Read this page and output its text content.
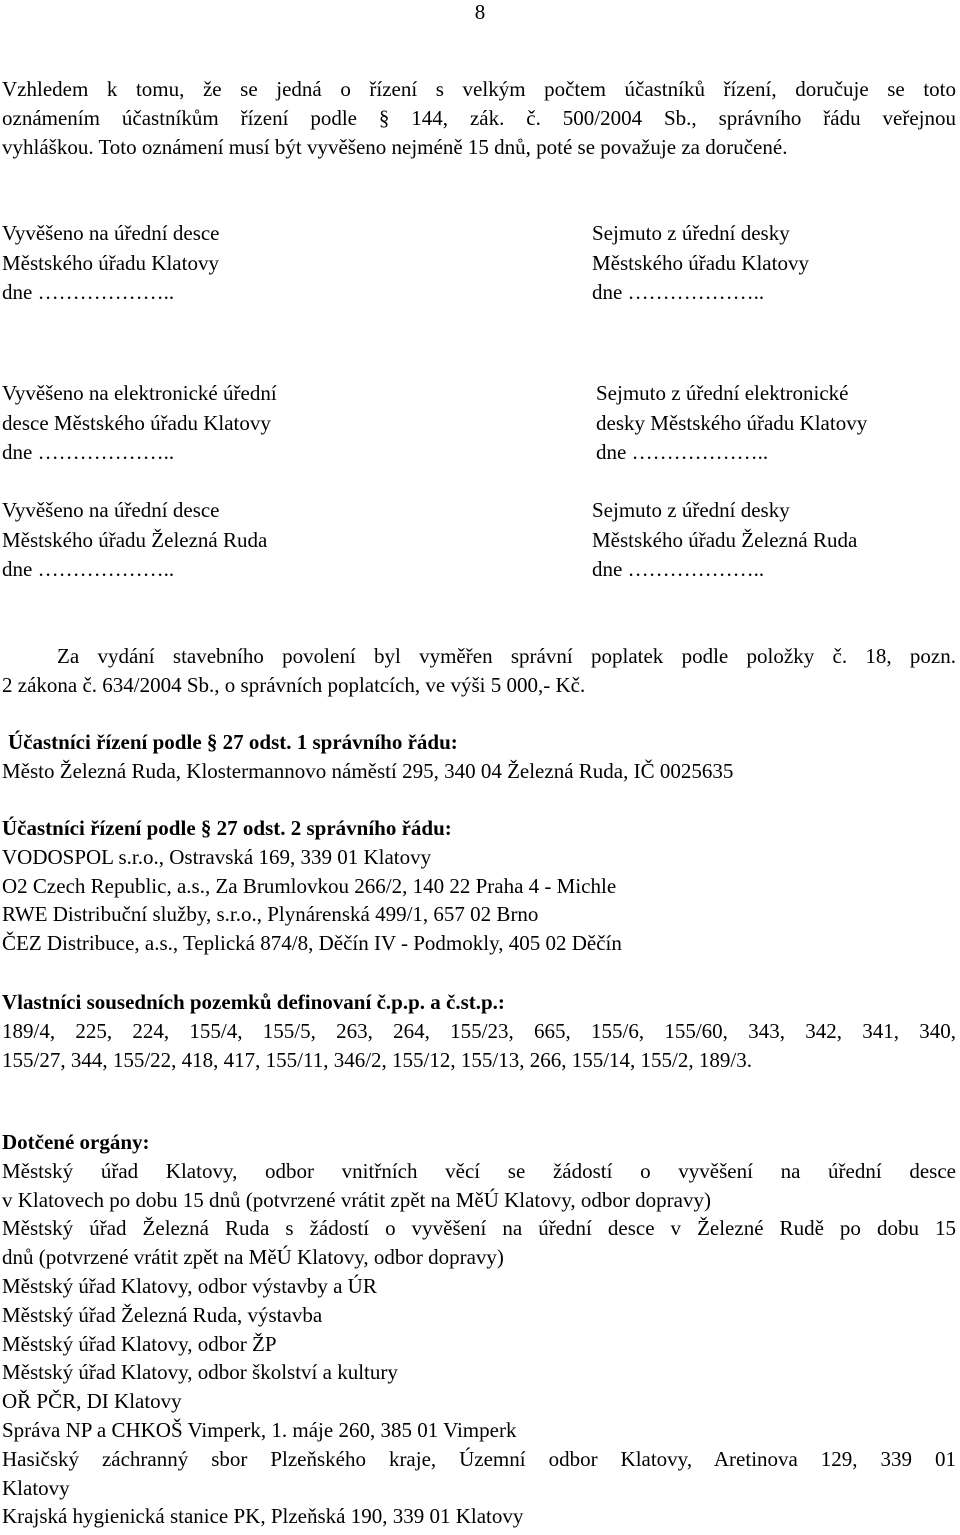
8
Vzhledem k tomu, že se jedná o řízení s velkým počtem účastníků řízení, doručuje se toto
oznámením účastníkům řízení podle § 144, zák. č. 500/2004 Sb., správního řádu veřejnou
vyhláškou. Toto oznámení musí být vyvěšeno nejméně 15 dnů, poté se považuje za doručené.
Vyvěšeno na úřední desce
Městského úřadu Klatovy
dne ………………..
Sejmuto z úřední desky
Městského úřadu Klatovy
dne ………………..
Vyvěšeno na elektronické úřední
desce Městského úřadu Klatovy
dne ………………..
Sejmuto z úřední elektronické
desky Městského úřadu Klatovy
dne ………………..
Vyvěšeno na úřední desce
Městského úřadu Železná Ruda
dne ………………..
Sejmuto z úřední desky
Městského úřadu Železná Ruda
dne ………………..
Za vydání stavebního povolení byl vyměřen správní poplatek podle položky č. 18, pozn.
2 zákona č. 634/2004 Sb., o správních poplatcích, ve výši 5 000,- Kč.
Účastníci řízení podle § 27 odst. 1 správního řádu:
Město Železná Ruda, Klostermannovo náměstí 295, 340 04 Železná Ruda, IČ 0025635
Účastníci řízení podle § 27 odst. 2 správního řádu:
VODOSPOL s.r.o., Ostravská 169, 339 01 Klatovy
O2 Czech Republic, a.s., Za Brumlovkou 266/2, 140 22 Praha 4 - Michle
RWE Distribuční služby, s.r.o., Plynárenská 499/1, 657 02 Brno
ČEZ Distribuce, a.s., Teplická 874/8, Děčín IV - Podmokly, 405 02 Děčín
Vlastníci sousedních pozemků definovaní č.p.p. a č.st.p.:
189/4, 225, 224, 155/4, 155/5, 263, 264, 155/23, 665, 155/6, 155/60, 343, 342, 341, 340,
155/27, 344, 155/22, 418, 417, 155/11, 346/2, 155/12, 155/13, 266, 155/14, 155/2, 189/3.
Dotčené orgány:
Městský úřad Klatovy, odbor vnitřních věcí se žádostí o vyvěšení na úřední desce
v Klatovech po dobu 15 dnů (potvrzené vrátit zpět na MěÚ Klatovy, odbor dopravy)
Městský úřad Železná Ruda s žádostí o vyvěšení na úřední desce v Železné Rudě po dobu 15
dnů (potvrzené vrátit zpět na MěÚ Klatovy, odbor dopravy)
Městský úřad Klatovy, odbor výstavby a ÚR
Městský úřad Železná Ruda, výstavba
Městský úřad Klatovy, odbor ŽP
Městský úřad Klatovy, odbor školství a kultury
OŘ PČR, DI Klatovy
Správa NP a CHKOŠ Vimperk, 1. máje 260, 385 01 Vimperk
Hasičský záchranný sbor Plzeňského kraje, Územní odbor Klatovy, Aretinova 129, 339 01
Klatovy
Krajská hygienická stanice PK, Plzeňská 190, 339 01 Klatovy
